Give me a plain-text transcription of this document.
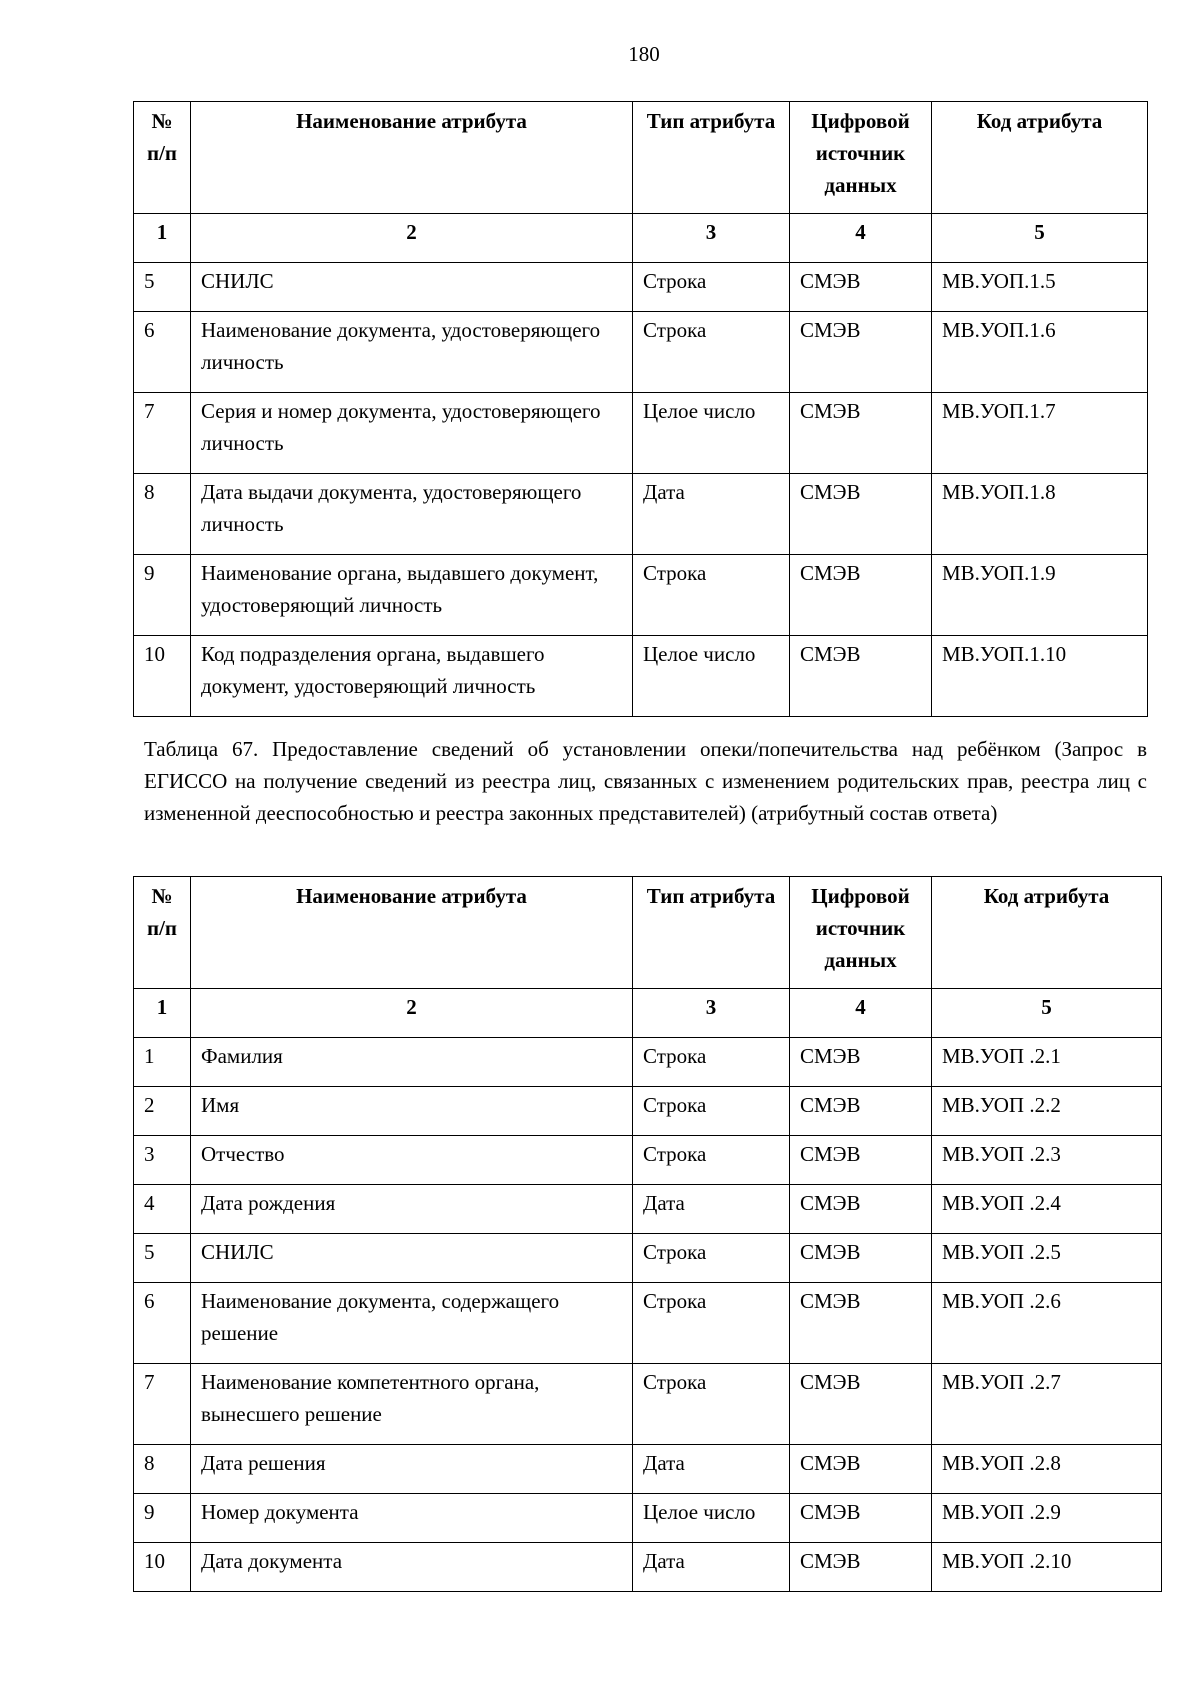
180
№ п/п	Наименование атрибута	Тип атрибута	Цифровой источник данных	Код атрибута
1	2	3	4	5
5	СНИЛС	Строка	СМЭВ	МВ.УОП.1.5
6	Наименование документа, удостоверяющего личность	Строка	СМЭВ	МВ.УОП.1.6
7	Серия и номер документа, удостоверяющего личность	Целое число	СМЭВ	МВ.УОП.1.7
8	Дата выдачи документа, удостоверяющего личность	Дата	СМЭВ	МВ.УОП.1.8
9	Наименование органа, выдавшего документ, удостоверяющий личность	Строка	СМЭВ	МВ.УОП.1.9
10	Код подразделения органа, выдавшего документ, удостоверяющий личность	Целое число	СМЭВ	МВ.УОП.1.10
Таблица 67. Предоставление сведений об установлении опеки/попечительства над ребёнком (Запрос в ЕГИССО на получение сведений из реестра лиц, связанных с изменением родительских прав, реестра лиц с измененной дееспособностью и реестра законных представителей) (атрибутный состав ответа)
№ п/п	Наименование атрибута	Тип атрибута	Цифровой источник данных	Код атрибута
1	2	3	4	5
1	Фамилия	Строка	СМЭВ	МВ.УОП .2.1
2	Имя	Строка	СМЭВ	МВ.УОП .2.2
3	Отчество	Строка	СМЭВ	МВ.УОП .2.3
4	Дата рождения	Дата	СМЭВ	МВ.УОП .2.4
5	СНИЛС	Строка	СМЭВ	МВ.УОП .2.5
6	Наименование документа, содержащего решение	Строка	СМЭВ	МВ.УОП .2.6
7	Наименование компетентного органа, вынесшего решение	Строка	СМЭВ	МВ.УОП .2.7
8	Дата решения	Дата	СМЭВ	МВ.УОП .2.8
9	Номер документа	Целое число	СМЭВ	МВ.УОП .2.9
10	Дата документа	Дата	СМЭВ	МВ.УОП .2.10
